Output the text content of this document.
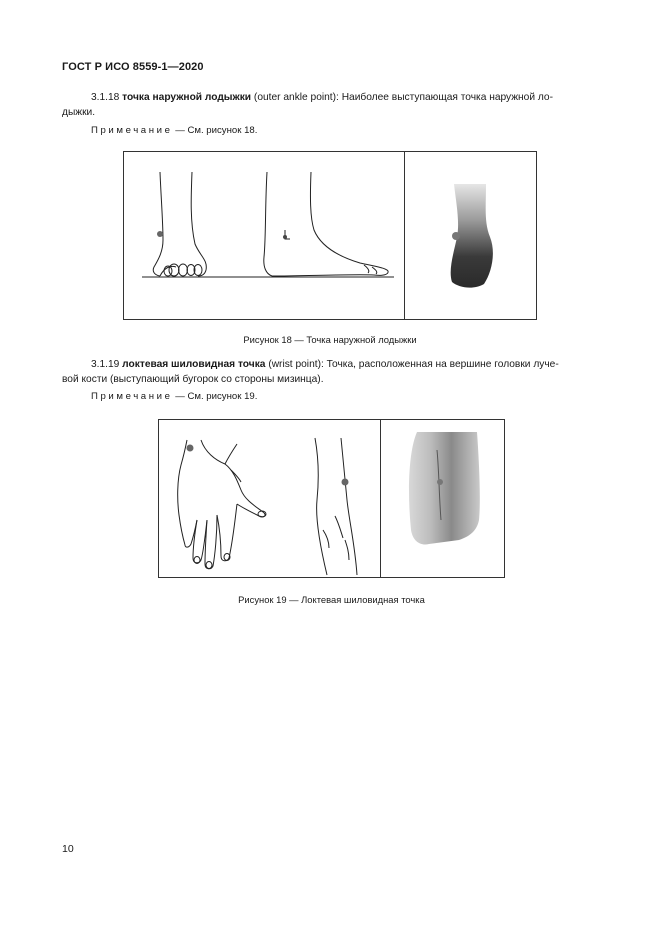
ГОСТ Р ИСО 8559-1—2020
3.1.18 точка наружной лодыжки (outer ankle point): Наиболее выступающая точка наружной ло-
дыжки.
Примечание — См. рисунок 18.
Рисунок 18 — Точка наружной лодыжки
3.1.19 локтевая шиловидная точка (wrist point): Точка, расположенная на вершине головки луче-
вой кости (выступающий бугорок со стороны мизинца).
Примечание — См. рисунок 19.
Рисунок 19 — Локтевая шиловидная точка
10
